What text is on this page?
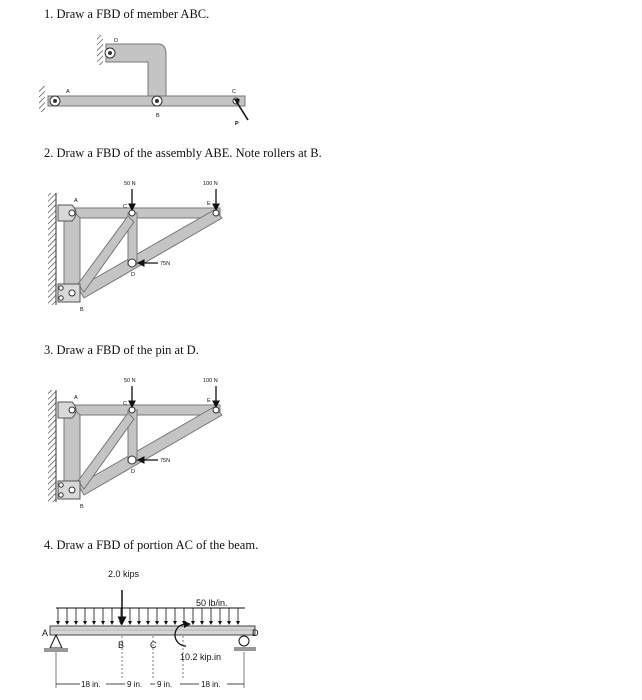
1. Draw a FBD of member ABC.
2. Draw a FBD of the assembly ABE. Note rollers at B.
3. Draw a FBD of the pin at D.
4. Draw a FBD of portion AC of the beam.
D
A
B
C
P
50 N	100 N
A
C	E
D
B
75N
50 N	100 N
A
C	E
D
B
75N
2.0 kips
50 lb/in.
10.2 kip.in
A
B	C
D
18 in.	9 in. 9 in.	18 in.
